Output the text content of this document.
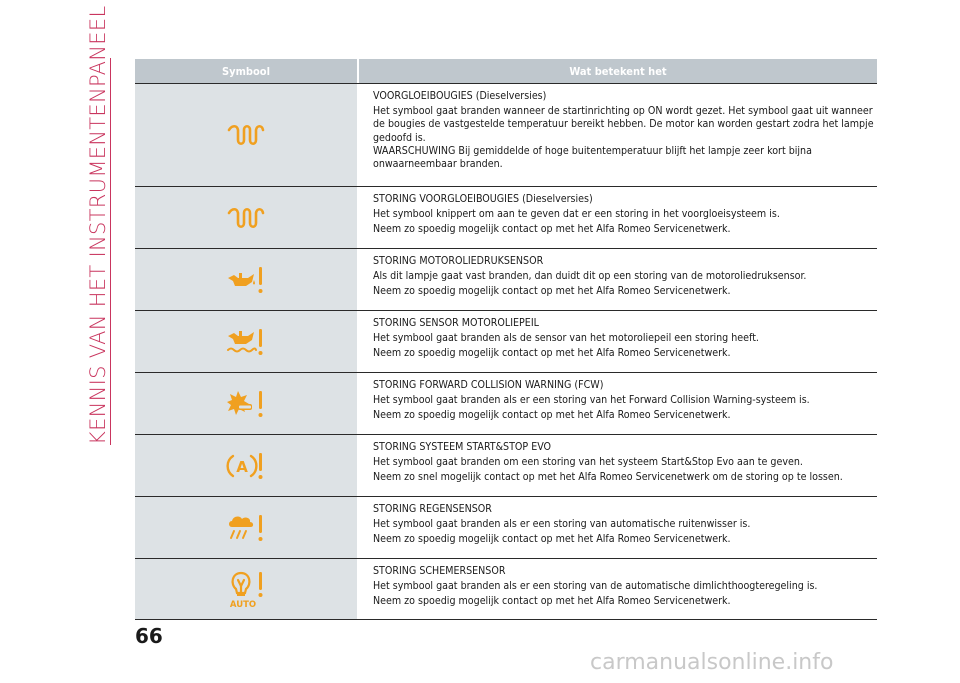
KENNIS VAN HET INSTRUMENTENPANEEL	Symbool	Wat betekent het

VOORGLOEIBOUGIES (Dieselversies)

Het symbool gaat branden wanneer de startinrichting op ON wordt gezet. Het symbool gaat uit wanneer de bougies de vastgestelde temperatuur bereikt hebben. De motor kan worden gestart zodra het lampje gedoofd is.

WAARSCHUWING Bij gemiddelde of hoge buitentemperatuur blijft het lampje zeer kort bijna onwaarneembaar branden.

STORING VOORGLOEIBOUGIES (Dieselversies)

Het symbool knippert om aan te geven dat er een storing in het voorgloeisysteem is.

Neem zo spoedig mogelijk contact op met het Alfa Romeo Servicenetwerk.

STORING MOTOROLIEDRUKSENSOR

Als dit lampje gaat vast branden, dan duidt dit op een storing van de motoroliedruksensor.

Neem zo spoedig mogelijk contact op met het Alfa Romeo Servicenetwerk.

STORING SENSOR MOTOROLIEPEIL

Het symbool gaat branden als de sensor van het motoroliepeil een storing heeft.

Neem zo spoedig mogelijk contact op met het Alfa Romeo Servicenetwerk.

STORING FORWARD COLLISION WARNING (FCW)

Het symbool gaat branden als er een storing van het Forward Collision Warning-systeem is.

Neem zo spoedig mogelijk contact op met het Alfa Romeo Servicenetwerk.

A

STORING SYSTEEM START&STOP EVO

Het symbool gaat branden om een storing van het systeem Start&Stop Evo aan te geven.

Neem zo snel mogelijk contact op met het Alfa Romeo Servicenetwerk om de storing op te lossen.

STORING REGENSENSOR

Het symbool gaat branden als er een storing van automatische ruitenwisser is.

Neem zo spoedig mogelijk contact op met het Alfa Romeo Servicenetwerk.

AUTO

STORING SCHEMERSENSOR

Het symbool gaat branden als er een storing van de automatische dimlichthoogteregeling is.

Neem zo spoedig mogelijk contact op met het Alfa Romeo Servicenetwerk.

66
carmanualsonline.info
